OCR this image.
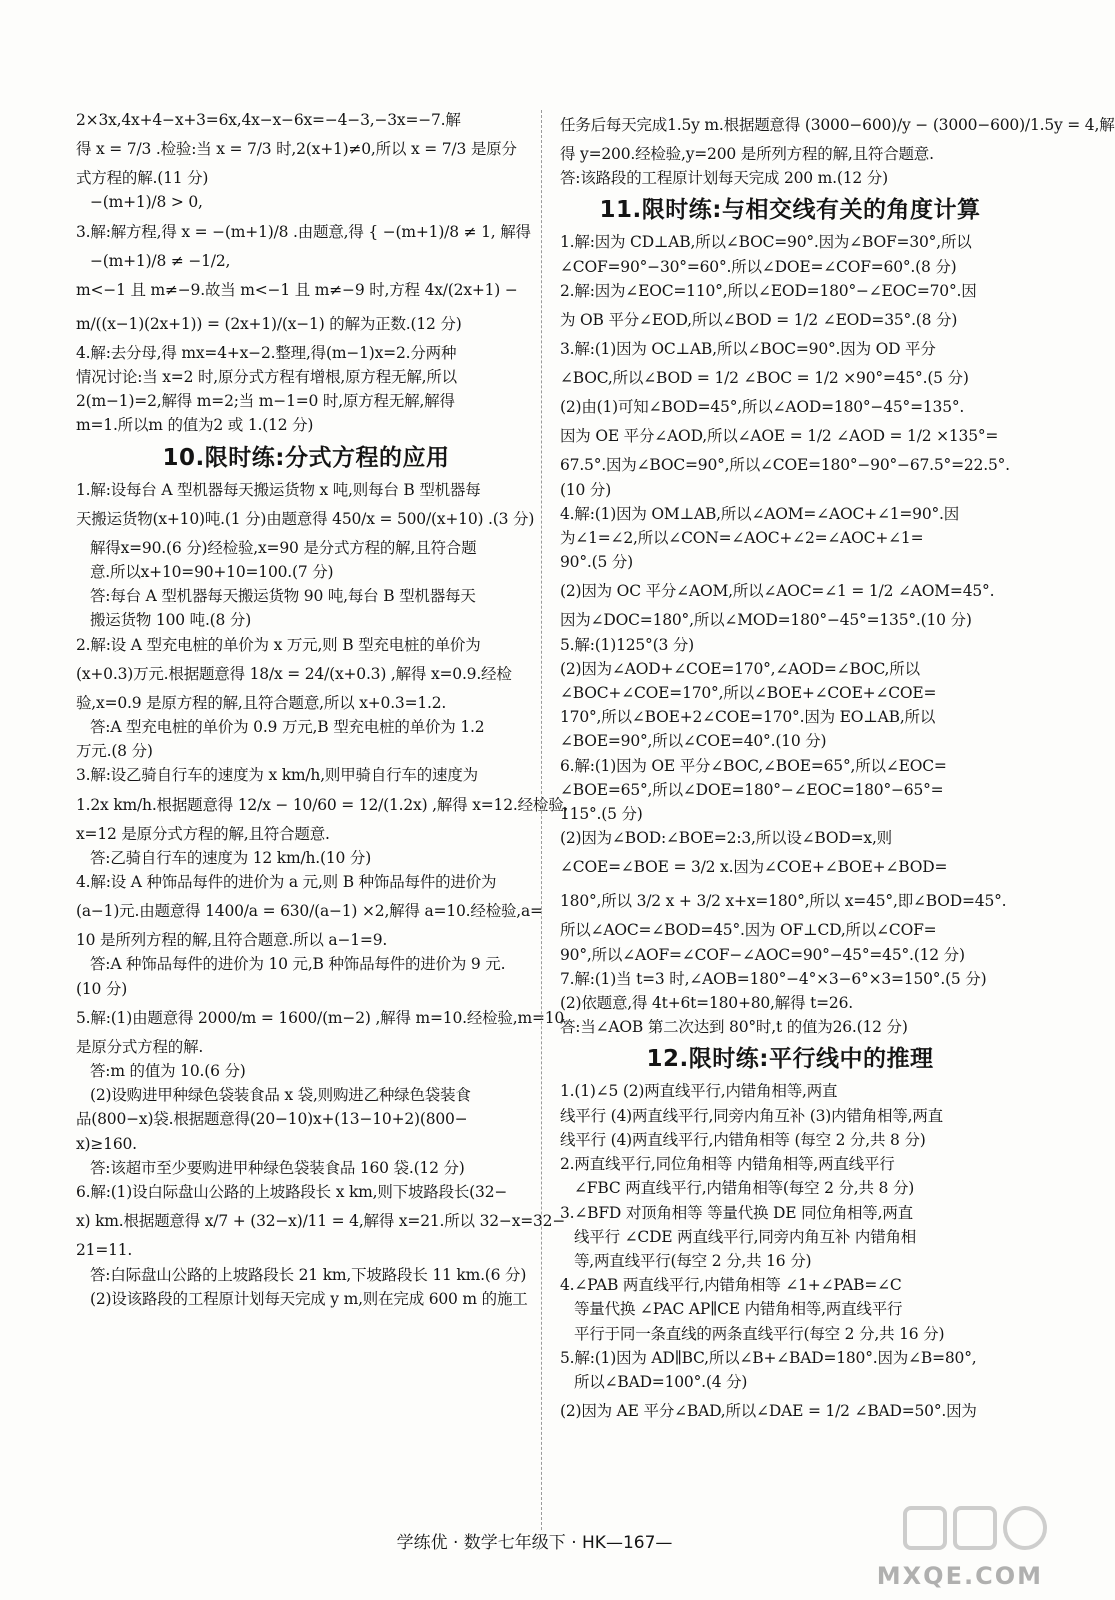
2×3x,4x+4−x+3=6x,4x−x−6x=−4−3,−3x=−7.解
得 x = 7/3 .检验:当 x = 7/3 时,2(x+1)≠0,所以 x = 7/3 是原分
式方程的解.(11 分)
−(m+1)/8 > 0,
3.解:解方程,得 x = −(m+1)/8 .由题意,得 { −(m+1)/8 ≠ 1, 解得
−(m+1)/8 ≠ −1/2,
m<−1 且 m≠−9.故当 m<−1 且 m≠−9 时,方程 4x/(2x+1) −
m/((x−1)(2x+1)) = (2x+1)/(x−1) 的解为正数.(12 分)
4.解:去分母,得 mx=4+x−2.整理,得(m−1)x=2.分两种
情况讨论:当 x=2 时,原分式方程有增根,原方程无解,所以
2(m−1)=2,解得 m=2;当 m−1=0 时,原方程无解,解得
m=1.所以m 的值为2 或 1.(12 分)
10.限时练:分式方程的应用
1.解:设每台 A 型机器每天搬运货物 x 吨,则每台 B 型机器每
天搬运货物(x+10)吨.(1 分)由题意得 450/x = 500/(x+10) .(3 分)
解得x=90.(6 分)经检验,x=90 是分式方程的解,且符合题
意.所以x+10=90+10=100.(7 分)
答:每台 A 型机器每天搬运货物 90 吨,每台 B 型机器每天
搬运货物 100 吨.(8 分)
2.解:设 A 型充电桩的单价为 x 万元,则 B 型充电桩的单价为
(x+0.3)万元.根据题意得 18/x = 24/(x+0.3) ,解得 x=0.9.经检
验,x=0.9 是原方程的解,且符合题意,所以 x+0.3=1.2.
答:A 型充电桩的单价为 0.9 万元,B 型充电桩的单价为 1.2
万元.(8 分)
3.解:设乙骑自行车的速度为 x km/h,则甲骑自行车的速度为
1.2x km/h.根据题意得 12/x − 10/60 = 12/(1.2x) ,解得 x=12.经检验,
x=12 是原分式方程的解,且符合题意.
答:乙骑自行车的速度为 12 km/h.(10 分)
4.解:设 A 种饰品每件的进价为 a 元,则 B 种饰品每件的进价为
(a−1)元.由题意得 1400/a = 630/(a−1) ×2,解得 a=10.经检验,a=
10 是所列方程的解,且符合题意.所以 a−1=9.
答:A 种饰品每件的进价为 10 元,B 种饰品每件的进价为 9 元.
(10 分)
5.解:(1)由题意得 2000/m = 1600/(m−2) ,解得 m=10.经检验,m=10
是原分式方程的解.
答:m 的值为 10.(6 分)
(2)设购进甲种绿色袋装食品 x 袋,则购进乙种绿色袋装食
品(800−x)袋.根据题意得(20−10)x+(13−10+2)(800−
x)≥160.
答:该超市至少要购进甲种绿色袋装食品 160 袋.(12 分)
6.解:(1)设白际盘山公路的上坡路段长 x km,则下坡路段长(32−
x) km.根据题意得 x/7 + (32−x)/11 = 4,解得 x=21.所以 32−x=32−
21=11.
答:白际盘山公路的上坡路段长 21 km,下坡路段长 11 km.(6 分)
(2)设该路段的工程原计划每天完成 y m,则在完成 600 m 的施工
任务后每天完成1.5y m.根据题意得 (3000−600)/y − (3000−600)/1.5y = 4,解
得 y=200.经检验,y=200 是所列方程的解,且符合题意.
答:该路段的工程原计划每天完成 200 m.(12 分)
11.限时练:与相交线有关的角度计算
1.解:因为 CD⊥AB,所以∠BOC=90°.因为∠BOF=30°,所以
∠COF=90°−30°=60°.所以∠DOE=∠COF=60°.(8 分)
2.解:因为∠EOC=110°,所以∠EOD=180°−∠EOC=70°.因
为 OB 平分∠EOD,所以∠BOD = 1/2 ∠EOD=35°.(8 分)
3.解:(1)因为 OC⊥AB,所以∠BOC=90°.因为 OD 平分
∠BOC,所以∠BOD = 1/2 ∠BOC = 1/2 ×90°=45°.(5 分)
(2)由(1)可知∠BOD=45°,所以∠AOD=180°−45°=135°.
因为 OE 平分∠AOD,所以∠AOE = 1/2 ∠AOD = 1/2 ×135°=
67.5°.因为∠BOC=90°,所以∠COE=180°−90°−67.5°=22.5°.
(10 分)
4.解:(1)因为 OM⊥AB,所以∠AOM=∠AOC+∠1=90°.因
为∠1=∠2,所以∠CON=∠AOC+∠2=∠AOC+∠1=
90°.(5 分)
(2)因为 OC 平分∠AOM,所以∠AOC=∠1 = 1/2 ∠AOM=45°.
因为∠DOC=180°,所以∠MOD=180°−45°=135°.(10 分)
5.解:(1)125°(3 分)
(2)因为∠AOD+∠COE=170°,∠AOD=∠BOC,所以
∠BOC+∠COE=170°,所以∠BOE+∠COE+∠COE=
170°,所以∠BOE+2∠COE=170°.因为 EO⊥AB,所以
∠BOE=90°,所以∠COE=40°.(10 分)
6.解:(1)因为 OE 平分∠BOC,∠BOE=65°,所以∠EOC=
∠BOE=65°,所以∠DOE=180°−∠EOC=180°−65°=
115°.(5 分)
(2)因为∠BOD:∠BOE=2:3,所以设∠BOD=x,则
∠COE=∠BOE = 3/2 x.因为∠COE+∠BOE+∠BOD=
180°,所以 3/2 x + 3/2 x+x=180°,所以 x=45°,即∠BOD=45°.
所以∠AOC=∠BOD=45°.因为 OF⊥CD,所以∠COF=
90°,所以∠AOF=∠COF−∠AOC=90°−45°=45°.(12 分)
7.解:(1)当 t=3 时,∠AOB=180°−4°×3−6°×3=150°.(5 分)
(2)依题意,得 4t+6t=180+80,解得 t=26.
答:当∠AOB 第二次达到 80°时,t 的值为26.(12 分)
12.限时练:平行线中的推理
1.(1)∠5 (2)两直线平行,内错角相等,两直
线平行 (4)两直线平行,同旁内角互补 (3)内错角相等,两直
线平行 (4)两直线平行,内错角相等 (每空 2 分,共 8 分)
2.两直线平行,同位角相等 内错角相等,两直线平行
∠FBC 两直线平行,内错角相等(每空 2 分,共 8 分)
3.∠BFD 对顶角相等 等量代换 DE 同位角相等,两直
线平行 ∠CDE 两直线平行,同旁内角互补 内错角相
等,两直线平行(每空 2 分,共 16 分)
4.∠PAB 两直线平行,内错角相等 ∠1+∠PAB=∠C
等量代换 ∠PAC AP∥CE 内错角相等,两直线平行
平行于同一条直线的两条直线平行(每空 2 分,共 16 分)
5.解:(1)因为 AD∥BC,所以∠B+∠BAD=180°.因为∠B=80°,
所以∠BAD=100°.(4 分)
(2)因为 AE 平分∠BAD,所以∠DAE = 1/2 ∠BAD=50°.因为
学练优 · 数学七年级下 · HK—167—
MXQE.COM
